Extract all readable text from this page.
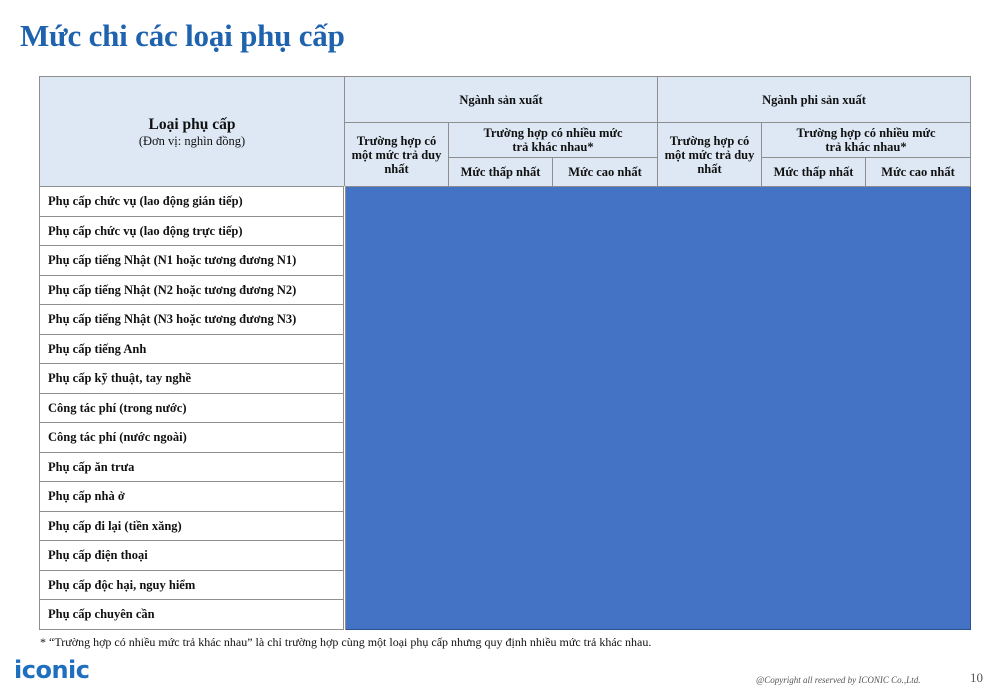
Mức chi các loại phụ cấp
Loại phụ cấp
(Đơn vị: nghìn đồng)	Ngành sản xuất			Ngành phi sản xuất		
	Trường hợp có một mức trả duy nhất	Trường hợp có nhiều mức trả khác nhau*		Trường hợp có một mức trả duy nhất	Trường hợp có nhiều mức trả khác nhau*	
		Mức thấp nhất	Mức cao nhất		Mức thấp nhất	Mức cao nhất
Phụ cấp chức vụ (lao động gián tiếp)						
Phụ cấp chức vụ (lao động trực tiếp)						
Phụ cấp tiếng Nhật (N1 hoặc tương đương N1)						
Phụ cấp tiếng Nhật (N2 hoặc tương đương N2)						
Phụ cấp tiếng Nhật (N3 hoặc tương đương N3)						
Phụ cấp tiếng Anh						
Phụ cấp kỹ thuật, tay nghề						
Công tác phí (trong nước)						
Công tác phí (nước ngoài)						
Phụ cấp ăn trưa						
Phụ cấp nhà ở						
Phụ cấp đi lại (tiền xăng)						
Phụ cấp điện thoại						
Phụ cấp độc hại, nguy hiểm						
Phụ cấp chuyên cần						
* “Trường hợp có nhiều mức trả khác nhau” là chỉ trường hợp cùng một loại phụ cấp nhưng quy định nhiều mức trả khác nhau.
iconic	@Copyright all reserved by ICONIC Co.,Ltd.	10
